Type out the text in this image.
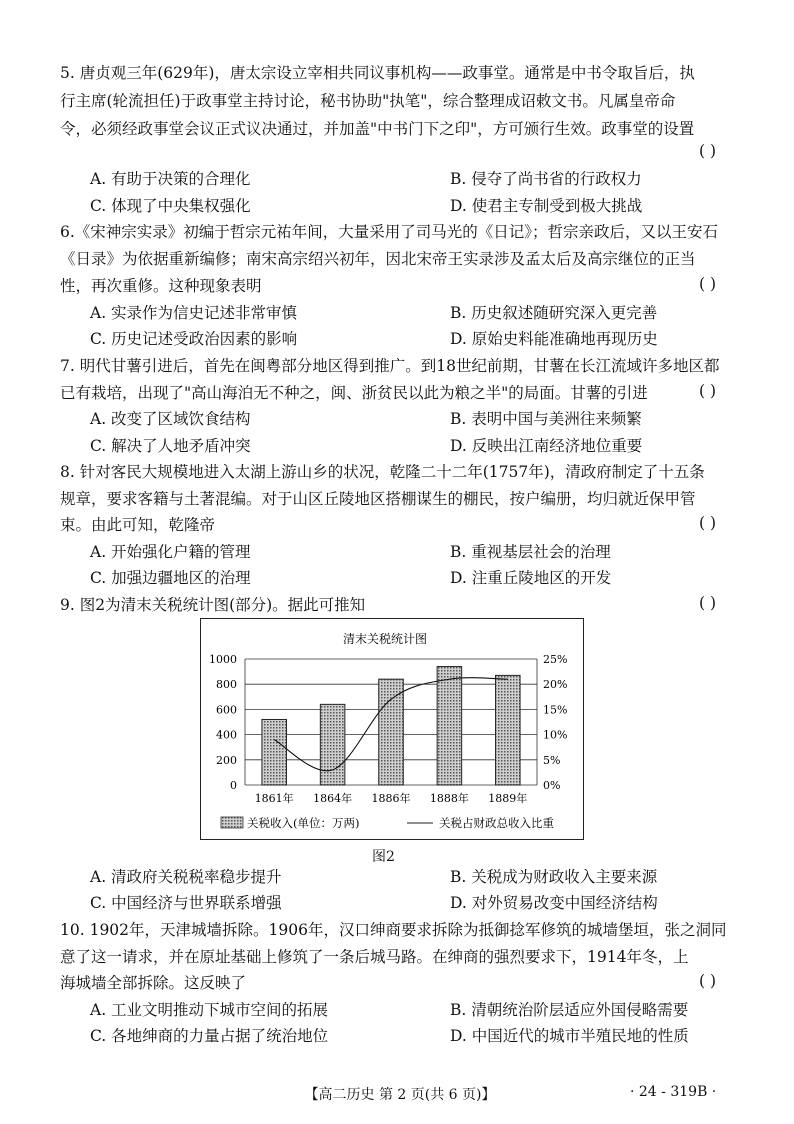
5. 唐贞观三年(629年)，唐太宗设立宰相共同议事机构——政事堂。通常是中书令取旨后，执
行主席(轮流担任)于政事堂主持讨论，秘书协助"执笔"，综合整理成诏敕文书。凡属皇帝命
令，必须经政事堂会议正式议决通过，并加盖"中书门下之印"，方可颁行生效。政事堂的设置
( )
A. 有助于决策的合理化	B. 侵夺了尚书省的行政权力
C. 体现了中央集权强化	D. 使君主专制受到极大挑战
6.《宋神宗实录》初编于哲宗元祐年间，大量采用了司马光的《日记》；哲宗亲政后，又以王安石
《日录》为依据重新编修；南宋高宗绍兴初年，因北宋帝王实录涉及孟太后及高宗继位的正当
性，再次重修。这种现象表明	( )
A. 实录作为信史记述非常审慎	B. 历史叙述随研究深入更完善
C. 历史记述受政治因素的影响	D. 原始史料能准确地再现历史
7. 明代甘薯引进后，首先在闽粤部分地区得到推广。到18世纪前期，甘薯在长江流域许多地区都
已有栽培，出现了"高山海泊无不种之，闽、浙贫民以此为粮之半"的局面。甘薯的引进	( )
A. 改变了区域饮食结构	B. 表明中国与美洲往来频繁
C. 解决了人地矛盾冲突	D. 反映出江南经济地位重要
8. 针对客民大规模地进入太湖上游山乡的状况，乾隆二十二年(1757年)，清政府制定了十五条
规章，要求客籍与土著混编。对于山区丘陵地区搭棚谋生的棚民，按户编册，均归就近保甲管
束。由此可知，乾隆帝	( )
A. 开始强化户籍的管理	B. 重视基层社会的治理
C. 加强边疆地区的治理	D. 注重丘陵地区的开发
9. 图2为清末关税统计图(部分)。据此可推知	( )
清末关税统计图
0	0%
200	5%
400	10%
600	15%
800	20%
1000	25%
1861年 1864年 1886年 1888年 1889年
关税收入(单位：万两)	关税占财政总收入比重
图2
A. 清政府关税税率稳步提升	B. 关税成为财政收入主要来源
C. 中国经济与世界联系增强	D. 对外贸易改变中国经济结构
10. 1902年，天津城墙拆除。1906年，汉口绅商要求拆除为抵御捻军修筑的城墙堡垣，张之洞同
意了这一请求，并在原址基础上修筑了一条后城马路。在绅商的强烈要求下，1914年冬，上
海城墙全部拆除。这反映了	( )
A. 工业文明推动下城市空间的拓展	B. 清朝统治阶层适应外国侵略需要
C. 各地绅商的力量占据了统治地位	D. 中国近代的城市半殖民地的性质
【高二历史 第 2 页(共 6 页)】	· 24 - 319B ·
